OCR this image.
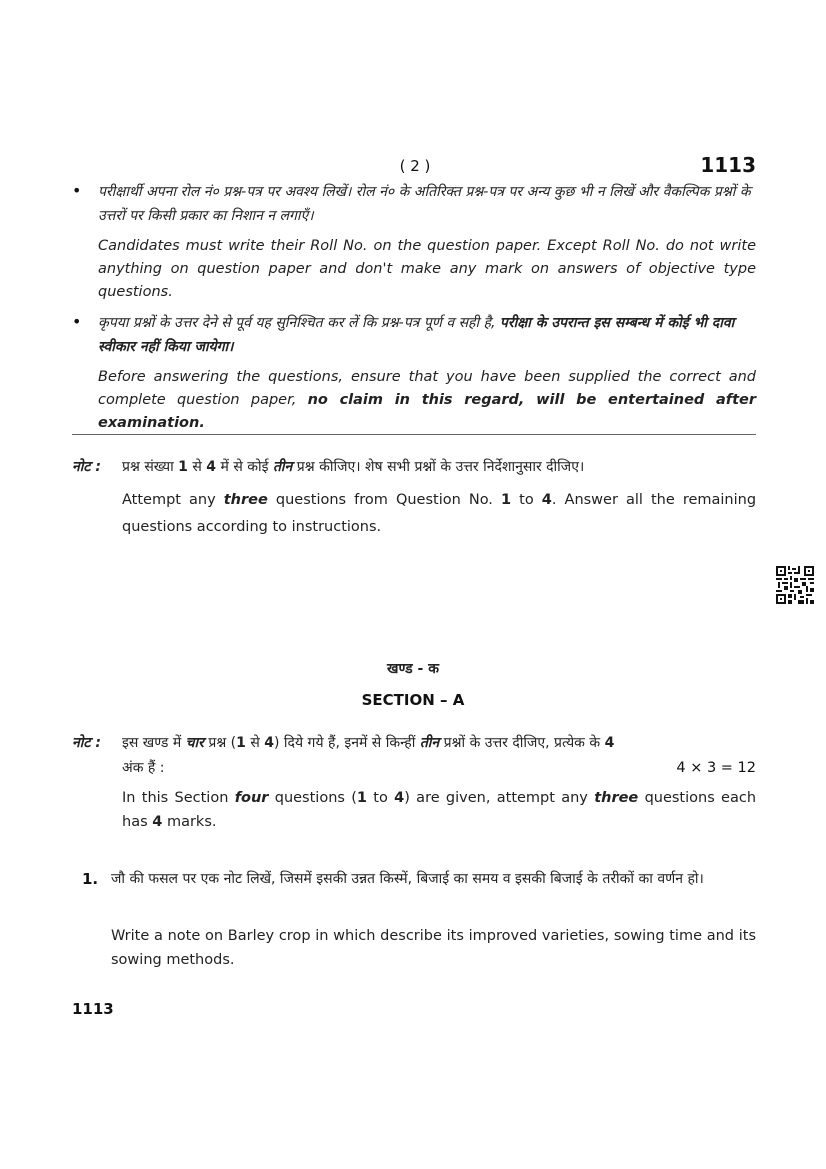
( 2 )	1113
• परीक्षार्थी अपना रोल नं० प्रश्न-पत्र पर अवश्य लिखें। रोल नं० के अतिरिक्त प्रश्न-पत्र पर अन्य कुछ भी न लिखें और वैकल्पिक प्रश्नों के उत्तरों पर किसी प्रकार का निशान न लगाएँ।
Candidates must write their Roll No. on the question paper. Except Roll No. do not write anything on question paper and don't make any mark on answers of objective type questions.
• कृपया प्रश्नों के उत्तर देने से पूर्व यह सुनिश्चित कर लें कि प्रश्न-पत्र पूर्ण व सही है, परीक्षा के उपरान्त इस सम्बन्ध में कोई भी दावा स्वीकार नहीं किया जायेगा।
Before answering the questions, ensure that you have been supplied the correct and complete question paper, no claim in this regard, will be entertained after examination.
नोट : प्रश्न संख्या 1 से 4 में से कोई तीन प्रश्न कीजिए। शेष सभी प्रश्नों के उत्तर निर्देशानुसार दीजिए।
Attempt any three questions from Question No. 1 to 4. Answer all the remaining questions according to instructions.
खण्ड - क
SECTION – A
नोट : इस खण्ड में चार प्रश्न (1 से 4) दिये गये हैं, इनमें से किन्हीं तीन प्रश्नों के उत्तर दीजिए, प्रत्येक के 4
अंक हैं :	4 × 3 = 12
In this Section four questions (1 to 4) are given, attempt any three questions each has 4 marks.
1. जौ की फसल पर एक नोट लिखें, जिसमें इसकी उन्नत किस्में, बिजाई का समय व इसकी बिजाई के तरीकों का वर्णन हो।
Write a note on Barley crop in which describe its improved varieties, sowing time and its sowing methods.
1113
